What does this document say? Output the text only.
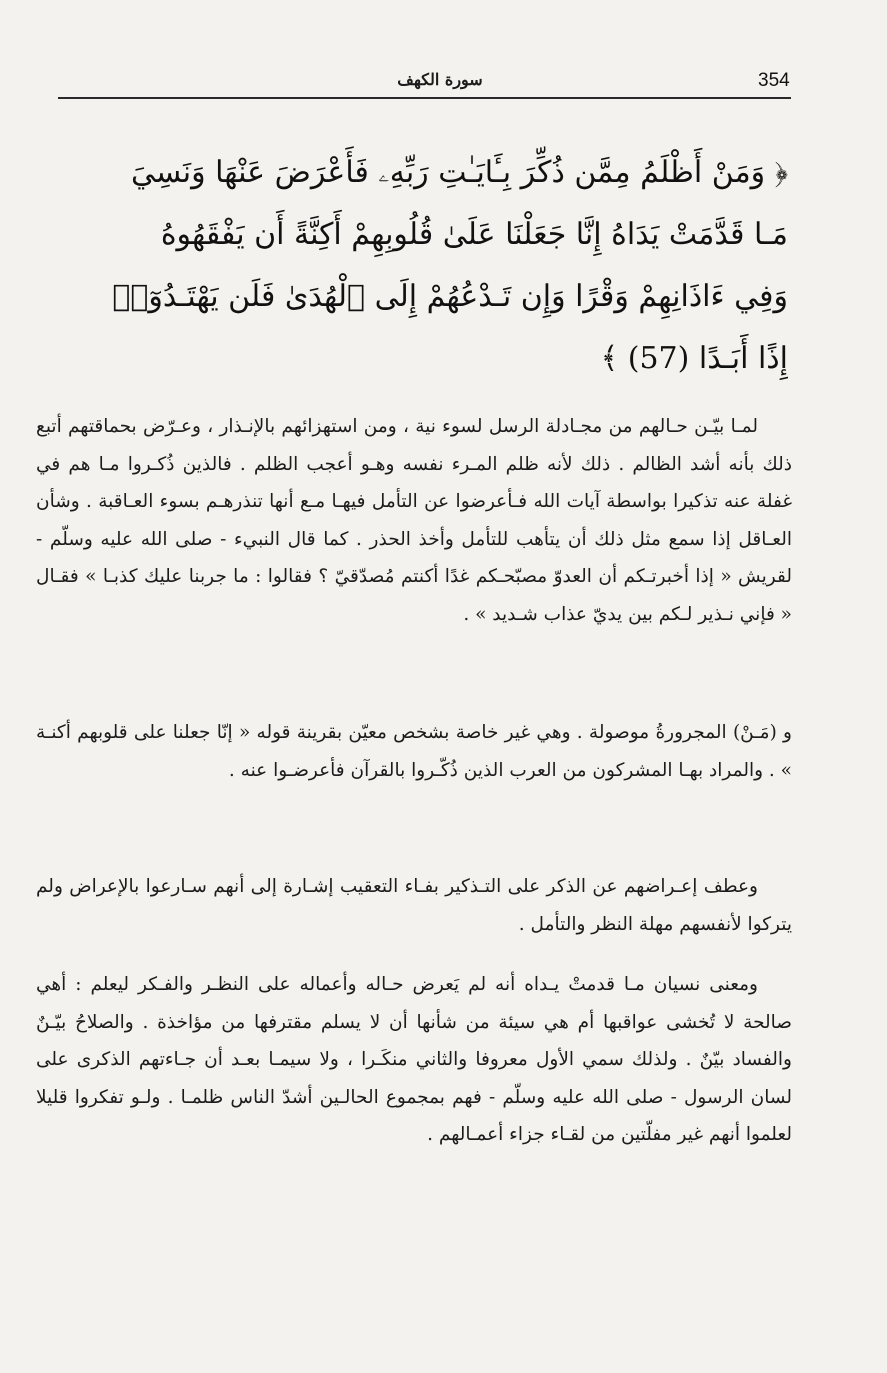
354
سورة الكهف
﴿ وَمَنْ أَظْلَمُ مِمَّن ذُكِّرَ بِـَٔايَـٰتِ رَبِّهِۦ فَأَعْرَضَ عَنْهَا وَنَسِيَ
مَـا قَدَّمَتْ يَدَاهُ إِنَّا جَعَلْنَا عَلَىٰ قُلُوبِهِمْ أَكِنَّةً أَن يَفْقَهُوهُ
وَفِي ءَاذَانِهِمْ وَقْرًا وَإِن تَـدْعُهُمْ إِلَى ٱلْهُدَىٰ فَلَن يَهْتَـدُوٓا۟
إِذًا أَبَـدًا (57) ﴾

لمـا بيّـن حـالهم من مجـادلة الرسل لسوء نية ، ومن استهزائهم بالإنـذار ، وعـرّض بحماقتهم أتبع ذلك بأنه أشد الظالم . ذلك لأنه ظلم المـرء نفسه وهـو أعجب الظلم . فالذين ذُكـروا مـا هم في غفلة عنه تذكيرا بواسطة آيات الله فـأعرضوا عن التأمل فيهـا مـع أنها تنذرهـم بسوء العـاقبة . وشأن العـاقل إذا سمع مثل ذلك أن يتأهب للتأمل وأخذ الحذر . كما قال النبيء - صلى الله عليه وسلّم - لقريش « إذا أخبرتـكم أن العدوّ مصبّحـكم غدًا أكنتم مُصدّقيّ ؟ فقالوا : ما جربنا عليك كذبـا » فقـال « فإني نـذير لـكم بين يديّ عذاب شـديد » .

و (مَـنْ) المجرورةُ موصولة . وهي غير خاصة بشخص معيّن بقرينة قوله « إنّا جعلنا على قلوبهم أكنـة » . والمراد بهـا المشركون من العرب الذين ذُكّـروا بالقرآن فأعرضـوا عنه .

وعطف إعـراضهم عن الذكر على التـذكير بفـاء التعقيب إشـارة إلى أنهم سـارعوا بالإعراض ولم يتركوا لأنفسهم مهلة النظر والتأمل .

ومعنى نسيان مـا قدمتْ يـداه أنه لم يَعرض حـاله وأعماله على النظـر والفـكر ليعلم : أهي صالحة لا تُخشى عواقبها أم هي سيئة من شأنها أن لا يسلم مقترفها من مؤاخذة . والصلاحُ بيّـنٌ والفساد بيّنٌ . ولذلك سمي الأول معروفا والثاني منكَـرا ، ولا سيمـا بعـد أن جـاءتهم الذكرى على لسان الرسول - صلى الله عليه وسلّم - فهم بمجموع الحالـين أشدّ الناس ظلمـا . ولـو تفكروا قليلا لعلموا أنهم غير مفلّتين من لقـاء جزاء أعمـالهم .
